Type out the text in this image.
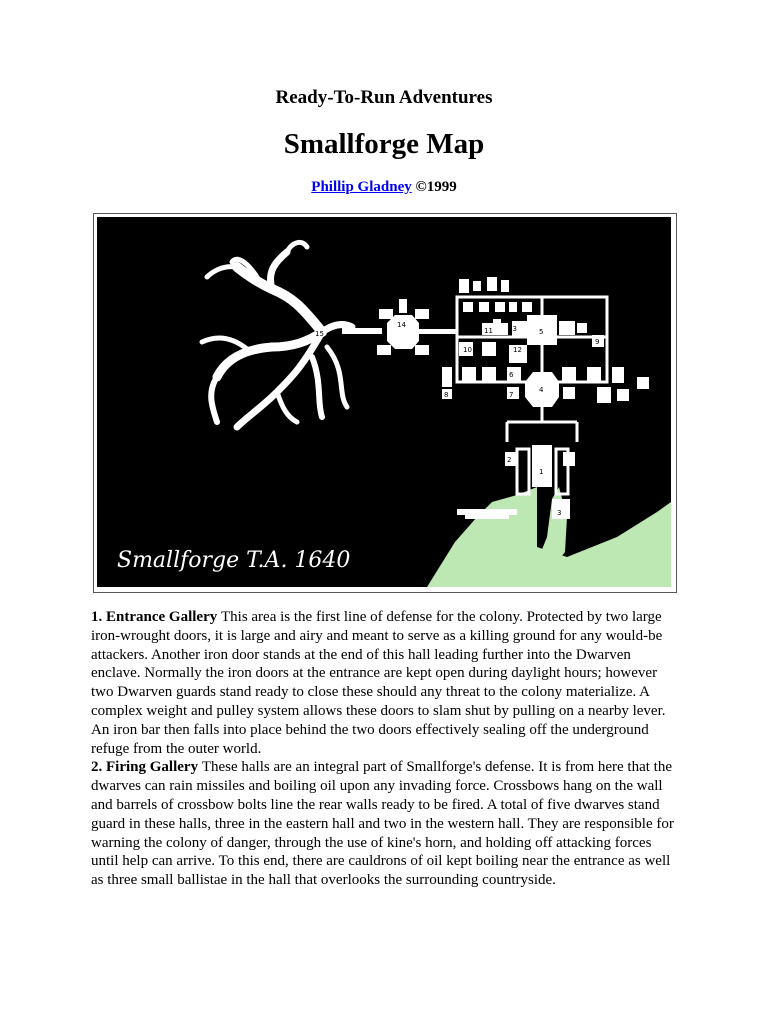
Ready-To-Run Adventures
Smallforge Map
Phillip Gladney ©1999
15
14	13
12
11
10
9
8	7
6
5
4
3
2
1
Smallforge T.A. 1640

1. Entrance Gallery This area is the first line of defense for the colony. Protected by two large iron-wrought doors, it is large and airy and meant to serve as a killing ground for any would-be attackers. Another iron door stands at the end of this hall leading further into the Dwarven enclave. Normally the iron doors at the entrance are kept open during daylight hours; however two Dwarven guards stand ready to close these should any threat to the colony materialize. A complex weight and pulley system allows these doors to slam shut by pulling on a nearby lever. An iron bar then falls into place behind the two doors effectively sealing off the underground refuge from the outer world.

2. Firing Gallery These halls are an integral part of Smallforge's defense. It is from here that the dwarves can rain missiles and boiling oil upon any invading force. Crossbows hang on the wall and barrels of crossbow bolts line the rear walls ready to be fired. A total of five dwarves stand guard in these halls, three in the eastern hall and two in the western hall. They are responsible for warning the colony of danger, through the use of kine's horn, and holding off attacking forces until help can arrive. To this end, there are cauldrons of oil kept boiling near the entrance as well as three small ballistae in the hall that overlooks the surrounding countryside.
